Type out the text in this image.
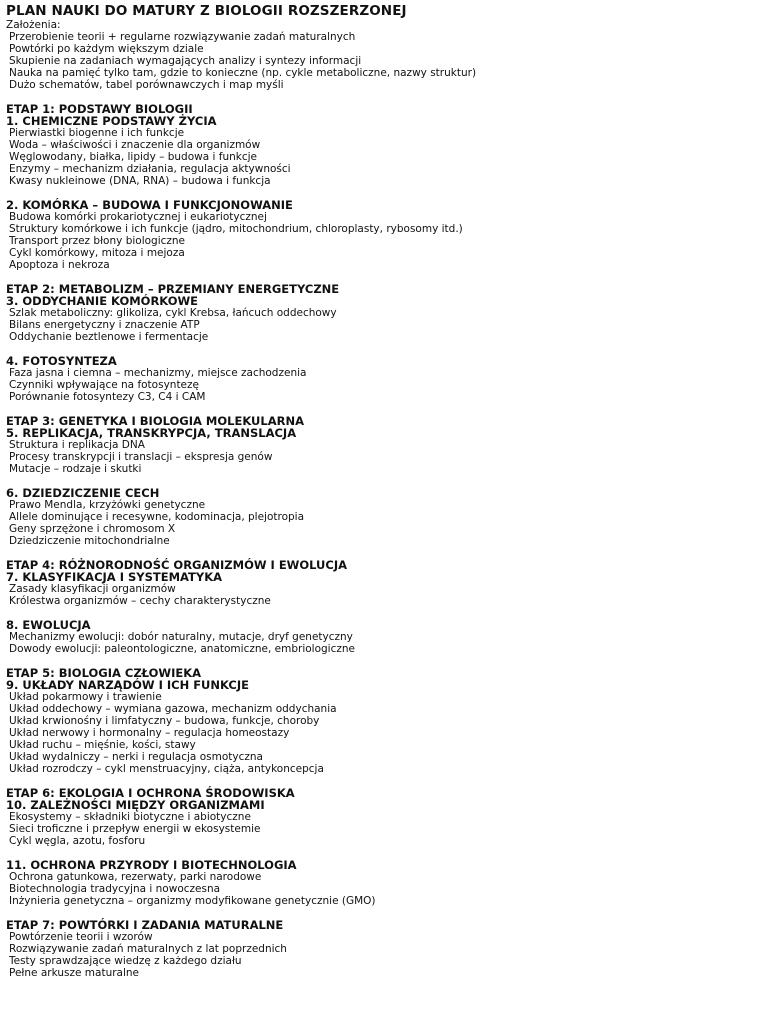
PLAN NAUKI DO MATURY Z BIOLOGII ROZSZERZONEJ

Założenia:

Przerobienie teorii + regularne rozwiązywanie zadań maturalnych

Powtórki po każdym większym dziale

Skupienie na zadaniach wymagających analizy i syntezy informacji

Nauka na pamięć tylko tam, gdzie to konieczne (np. cykle metaboliczne, nazwy struktur)

Dużo schematów, tabel porównawczych i map myśli

ETAP 1: PODSTAWY BIOLOGII
1. CHEMICZNE PODSTAWY ŻYCIA

Pierwiastki biogenne i ich funkcje

Woda – właściwości i znaczenie dla organizmów

Węglowodany, białka, lipidy – budowa i funkcje

Enzymy – mechanizm działania, regulacja aktywności

Kwasy nukleinowe (DNA, RNA) – budowa i funkcja

2. KOMÓRKA – BUDOWA I FUNKCJONOWANIE

Budowa komórki prokariotycznej i eukariotycznej

Struktury komórkowe i ich funkcje (jądro, mitochondrium, chloroplasty, rybosomy itd.)

Transport przez błony biologiczne

Cykl komórkowy, mitoza i mejoza

Apoptoza i nekroza

ETAP 2: METABOLIZM – PRZEMIANY ENERGETYCZNE
3. ODDYCHANIE KOMÓRKOWE

Szlak metaboliczny: glikoliza, cykl Krebsa, łańcuch oddechowy

Bilans energetyczny i znaczenie ATP

Oddychanie beztlenowe i fermentacje

4. FOTOSYNTEZA

Faza jasna i ciemna – mechanizmy, miejsce zachodzenia

Czynniki wpływające na fotosyntezę

Porównanie fotosyntezy C3, C4 i CAM

ETAP 3: GENETYKA I BIOLOGIA MOLEKULARNA
5. REPLIKACJA, TRANSKRYPCJA, TRANSLACJA

Struktura i replikacja DNA

Procesy transkrypcji i translacji – ekspresja genów

Mutacje – rodzaje i skutki

6. DZIEDZICZENIE CECH

Prawo Mendla, krzyżówki genetyczne

Allele dominujące i recesywne, kodominacja, plejotropia

Geny sprzężone i chromosom X

Dziedziczenie mitochondrialne

ETAP 4: RÓŻNORODNOŚĆ ORGANIZMÓW I EWOLUCJA
7. KLASYFIKACJA I SYSTEMATYKA

Zasady klasyfikacji organizmów

Królestwa organizmów – cechy charakterystyczne

8. EWOLUCJA

Mechanizmy ewolucji: dobór naturalny, mutacje, dryf genetyczny

Dowody ewolucji: paleontologiczne, anatomiczne, embriologiczne

ETAP 5: BIOLOGIA CZŁOWIEKA
9. UKŁADY NARZĄDÓW I ICH FUNKCJE

Układ pokarmowy i trawienie

Układ oddechowy – wymiana gazowa, mechanizm oddychania

Układ krwionośny i limfatyczny – budowa, funkcje, choroby

Układ nerwowy i hormonalny – regulacja homeostazy

Układ ruchu – mięśnie, kości, stawy

Układ wydalniczy – nerki i regulacja osmotyczna

Układ rozrodczy – cykl menstruacyjny, ciąża, antykoncepcja

ETAP 6: EKOLOGIA I OCHRONA ŚRODOWISKA
10. ZALEŻNOŚCI MIĘDZY ORGANIZMAMI

Ekosystemy – składniki biotyczne i abiotyczne

Sieci troficzne i przepływ energii w ekosystemie

Cykl węgla, azotu, fosforu

11. OCHRONA PRZYRODY I BIOTECHNOLOGIA

Ochrona gatunkowa, rezerwaty, parki narodowe

Biotechnologia tradycyjna i nowoczesna

Inżynieria genetyczna – organizmy modyfikowane genetycznie (GMO)

ETAP 7: POWTÓRKI I ZADANIA MATURALNE

Powtórzenie teorii i wzorów

Rozwiązywanie zadań maturalnych z lat poprzednich

Testy sprawdzające wiedzę z każdego działu

Pełne arkusze maturalne
